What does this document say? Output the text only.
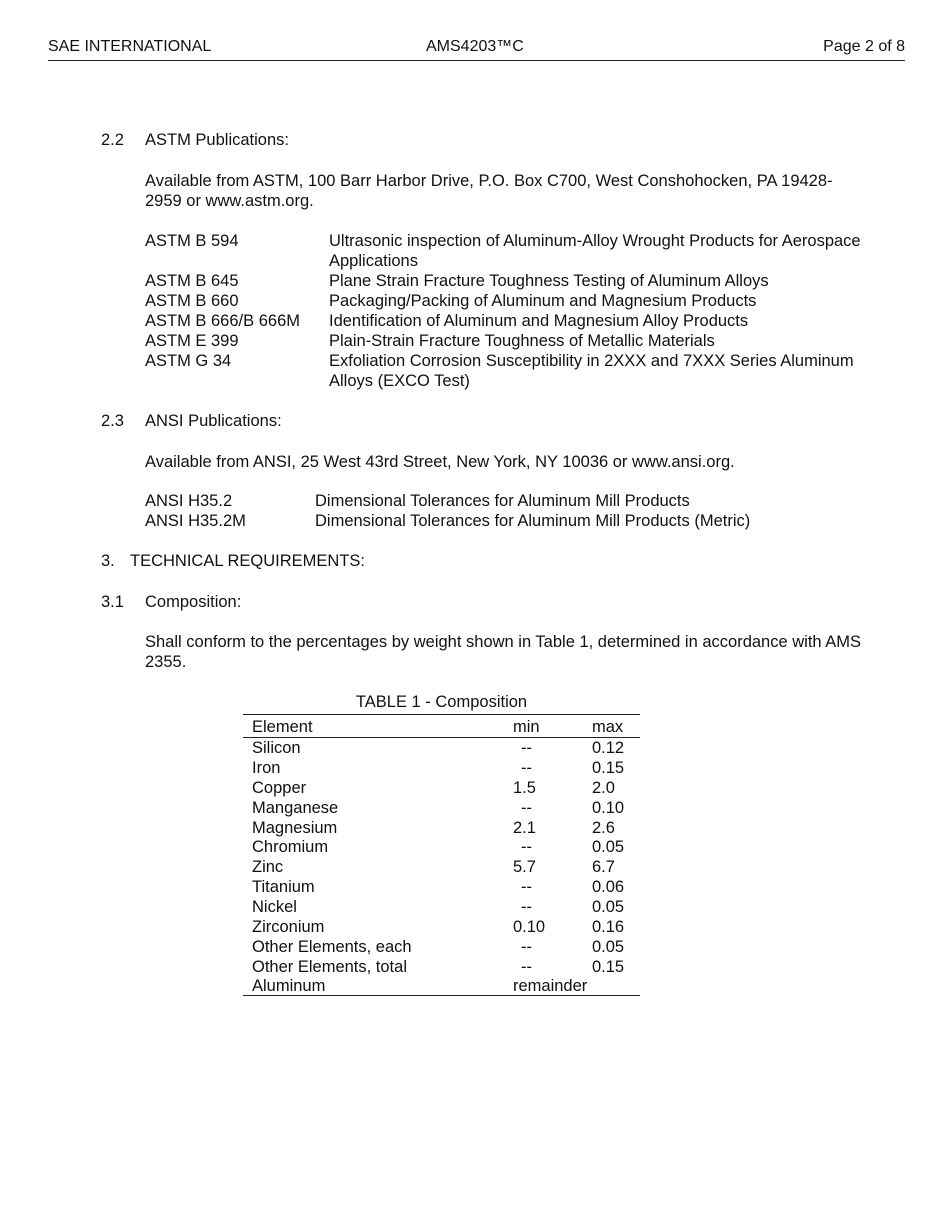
SAE INTERNATIONAL	AMS4203™C	Page 2 of 8
2.2 ASTM Publications:
Available from ASTM, 100 Barr Harbor Drive, P.O. Box C700, West Conshohocken, PA 19428-
2959 or www.astm.org.
ASTM B 594	Ultrasonic inspection of Aluminum-Alloy Wrought Products for Aerospace Applications
ASTM B 645	Plane Strain Fracture Toughness Testing of Aluminum Alloys
ASTM B 660	Packaging/Packing of Aluminum and Magnesium Products
ASTM B 666/B 666M Identification of Aluminum and Magnesium Alloy Products
ASTM E 399	Plain-Strain Fracture Toughness of Metallic Materials
ASTM G 34	Exfoliation Corrosion Susceptibility in 2XXX and 7XXX Series Aluminum Alloys (EXCO Test)
2.3 ANSI Publications:
Available from ANSI, 25 West 43rd Street, New York, NY 10036 or www.ansi.org.
ANSI H35.2	Dimensional Tolerances for Aluminum Mill Products
ANSI H35.2M	Dimensional Tolerances for Aluminum Mill Products (Metric)
3. TECHNICAL REQUIREMENTS:
3.1 Composition:
Shall conform to the percentages by weight shown in Table 1, determined in accordance with AMS 2355.
TABLE 1 - Composition
Element	min	max
Silicon	--	0.12
Iron	--	0.15
Copper	1.5	2.0
Manganese	--	0.10
Magnesium	2.1	2.6
Chromium	--	0.05
Zinc	5.7	6.7
Titanium	--	0.06
Nickel	--	0.05
Zirconium	0.10	0.16
Other Elements, each	--	0.05
Other Elements, total	--	0.15
Aluminum	remainder
